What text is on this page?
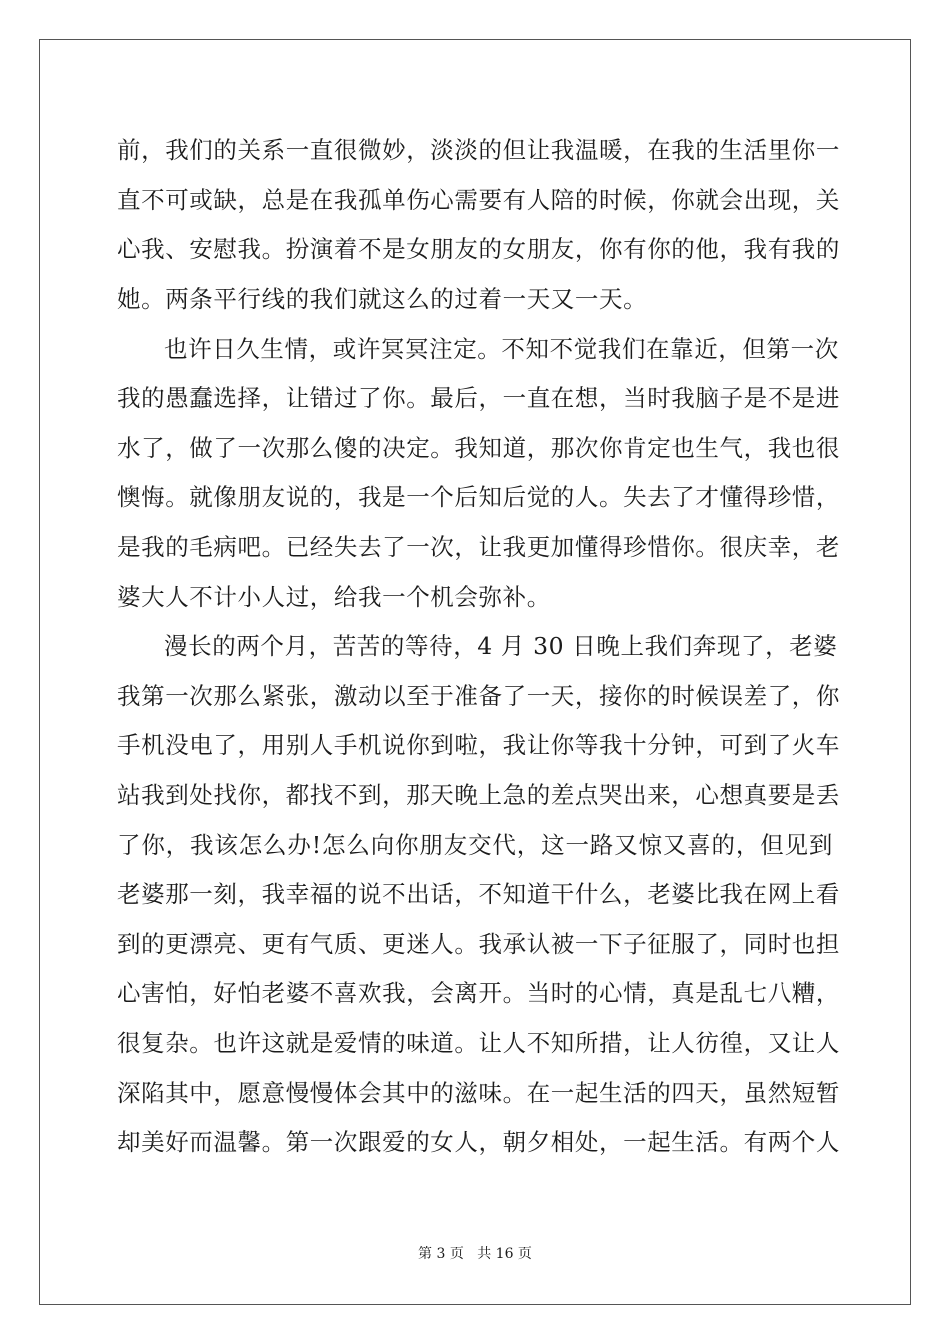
前，我们的关系一直很微妙，淡淡的但让我温暖，在我的生活里你一
直不可或缺，总是在我孤单伤心需要有人陪的时候，你就会出现，关
心我、安慰我。扮演着不是女朋友的女朋友，你有你的他，我有我的
她。两条平行线的我们就这么的过着一天又一天。
也许日久生情，或许冥冥注定。不知不觉我们在靠近，但第一次
我的愚蠢选择，让错过了你。最后，一直在想，当时我脑子是不是进
水了，做了一次那么傻的决定。我知道，那次你肯定也生气，我也很
懊悔。就像朋友说的，我是一个后知后觉的人。失去了才懂得珍惜，
是我的毛病吧。已经失去了一次，让我更加懂得珍惜你。很庆幸，老
婆大人不计小人过，给我一个机会弥补。
漫长的两个月，苦苦的等待，4 月 30 日晚上我们奔现了，老婆
我第一次那么紧张，激动以至于准备了一天，接你的时候误差了，你
手机没电了，用别人手机说你到啦，我让你等我十分钟，可到了火车
站我到处找你，都找不到，那天晚上急的差点哭出来，心想真要是丢
了你，我该怎么办!怎么向你朋友交代，这一路又惊又喜的，但见到
老婆那一刻，我幸福的说不出话，不知道干什么，老婆比我在网上看
到的更漂亮、更有气质、更迷人。我承认被一下子征服了，同时也担
心害怕，好怕老婆不喜欢我，会离开。当时的心情，真是乱七八糟，
很复杂。也许这就是爱情的味道。让人不知所措，让人彷徨，又让人
深陷其中，愿意慢慢体会其中的滋味。在一起生活的四天，虽然短暂
却美好而温馨。第一次跟爱的女人，朝夕相处，一起生活。有两个人
第 3 页 共 16 页
